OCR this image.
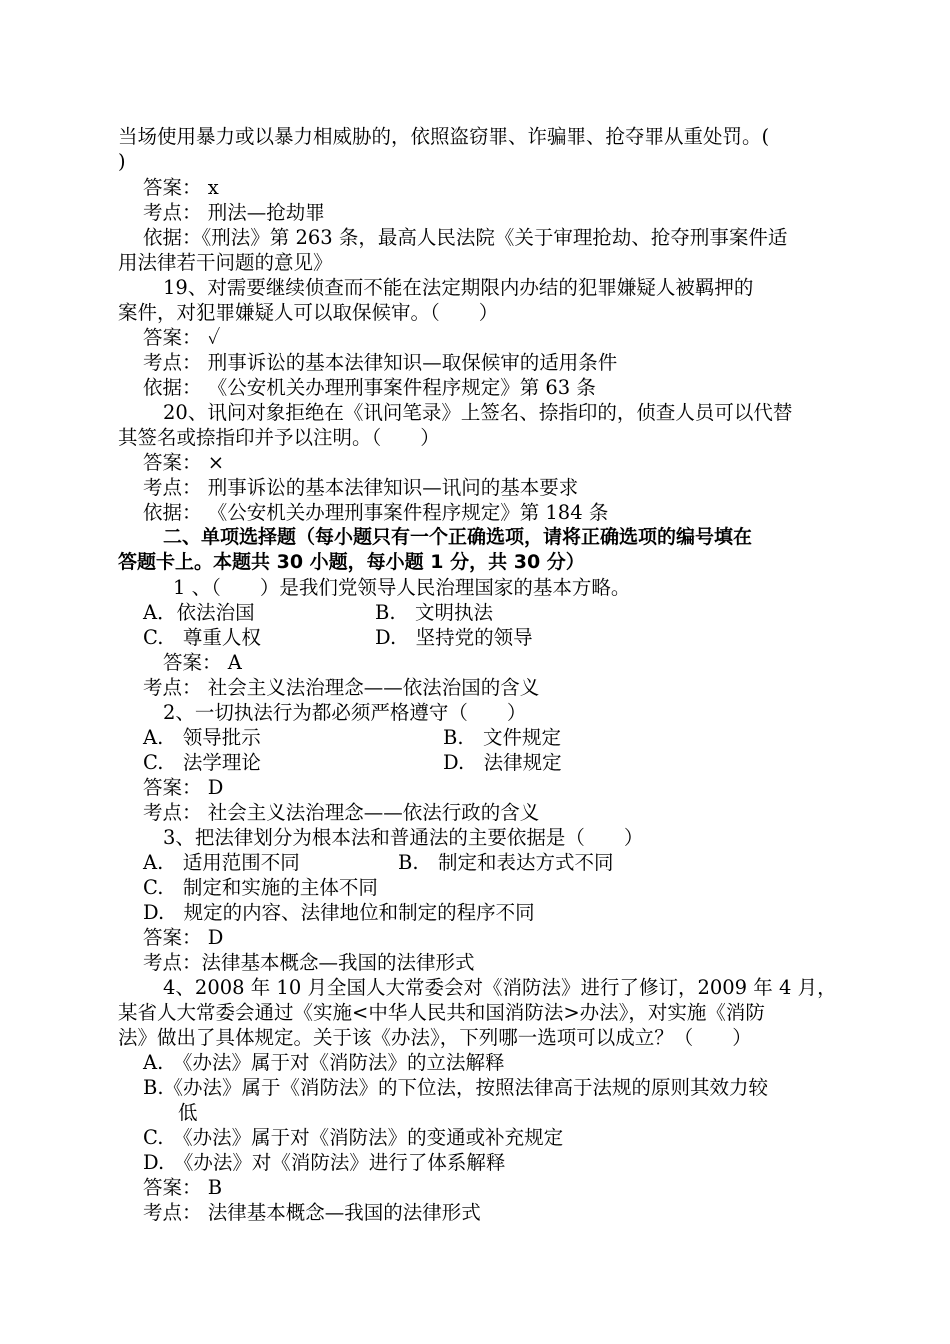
当场使用暴力或以暴力相威胁的，依照盗窃罪、诈骗罪、抢夺罪从重处罚。(
)
答案： x
考点： 刑法—抢劫罪
依据：《刑法》第 263 条，最高人民法院《关于审理抢劫、抢夺刑事案件适
用法律若干问题的意见》
19、对需要继续侦查而不能在法定期限内办结的犯罪嫌疑人被羁押的
案件，对犯罪嫌疑人可以取保候审。（　　）
答案： ✓
考点： 刑事诉讼的基本法律知识—取保候审的适用条件
依据： 《公安机关办理刑事案件程序规定》第 63 条
20、讯问对象拒绝在《讯问笔录》上签名、捺指印的，侦查人员可以代替
其签名或捺指印并予以注明。（　　）
答案： ×
考点： 刑事诉讼的基本法律知识—讯问的基本要求
依据： 《公安机关办理刑事案件程序规定》第 184 条
二、单项选择题（每小题只有一个正确选项，请将正确选项的编号填在
答题卡上。本题共 30 小题，每小题 1 分，共 30 分）
1 、（　　）是我们党领导人民治理国家的基本方略。
A．依法治国	B.　文明执法
C.　尊重人权	D.　坚持党的领导
答案： A
考点： 社会主义法治理念——依法治国的含义
2、一切执法行为都必须严格遵守（　　）
A.　领导批示	B.　文件规定
C.　法学理论	D.　法律规定
答案： D
考点： 社会主义法治理念——依法行政的含义
3、把法律划分为根本法和普通法的主要依据是（　　）
A.　适用范围不同	B.　制定和表达方式不同
C.　制定和实施的主体不同
D.　规定的内容、法律地位和制定的程序不同
答案： D
考点：法律基本概念—我国的法律形式
4、2008 年 10 月全国人大常委会对《消防法》进行了修订，2009 年 4 月，
某省人大常委会通过《实施<中华人民共和国消防法>办法》，对实施《消防
法》做出了具体规定。关于该《办法》，下列哪一选项可以成立？（　　）
A.　《办法》属于对《消防法》的立法解释
B.《办法》属于《消防法》的下位法，按照法律高于法规的原则其效力较
低
C.　《办法》属于对《消防法》的变通或补充规定
D.　《办法》对《消防法》进行了体系解释
答案： B
考点： 法律基本概念—我国的法律形式
